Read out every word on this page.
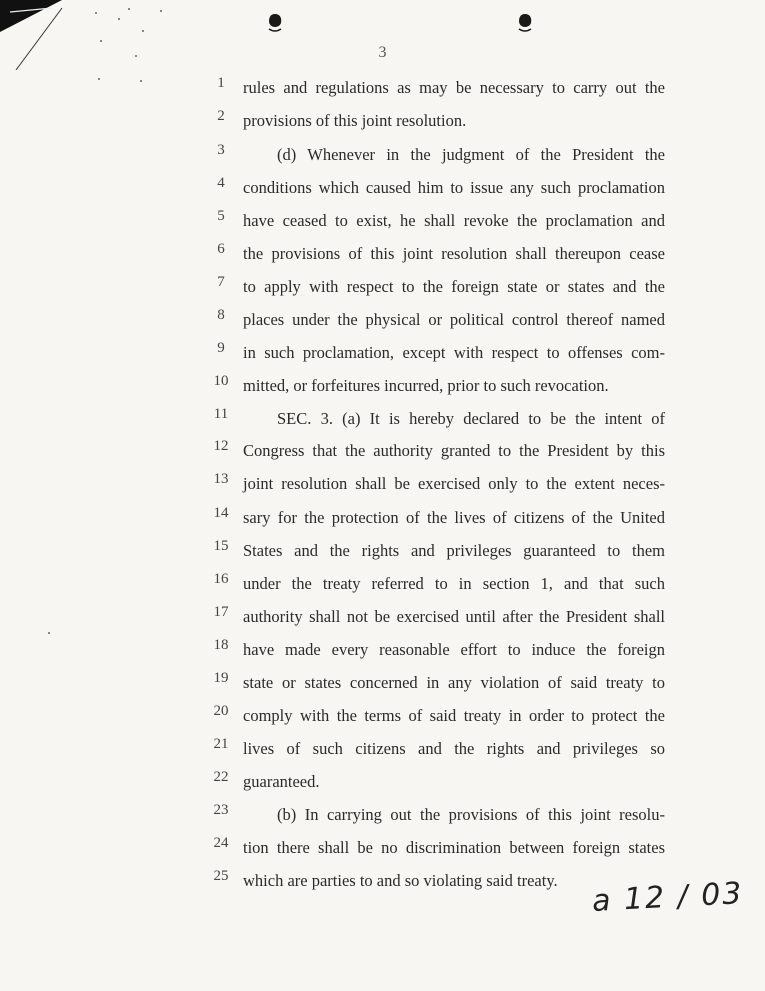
3
1	rules and regulations as may be necessary to carry out the
2	provisions of this joint resolution.
3	(d) Whenever in the judgment of the President the
4	conditions which caused him to issue any such proclamation
5	have ceased to exist, he shall revoke the proclamation and
6	the provisions of this joint resolution shall thereupon cease
7	to apply with respect to the foreign state or states and the
8	places under the physical or political control thereof named
9	in such proclamation, except with respect to offenses com-
10 mitted, or forfeitures incurred, prior to such revocation.
11	SEC. 3. (a) It is hereby declared to be the intent of
12 Congress that the authority granted to the President by this
13 joint resolution shall be exercised only to the extent neces-
14 sary for the protection of the lives of citizens of the United
15 States and the rights and privileges guaranteed to them
16 under the treaty referred to in section 1, and that such
17 authority shall not be exercised until after the President shall
18 have made every reasonable effort to induce the foreign
19 state or states concerned in any violation of said treaty to
20 comply with the terms of said treaty in order to protect the
21 lives of such citizens and the rights and privileges so
22 guaranteed.
23	(b) In carrying out the provisions of this joint resolu-
24 tion there shall be no discrimination between foreign states
25 which are parties to and so violating said treaty.	a 12 / 03
